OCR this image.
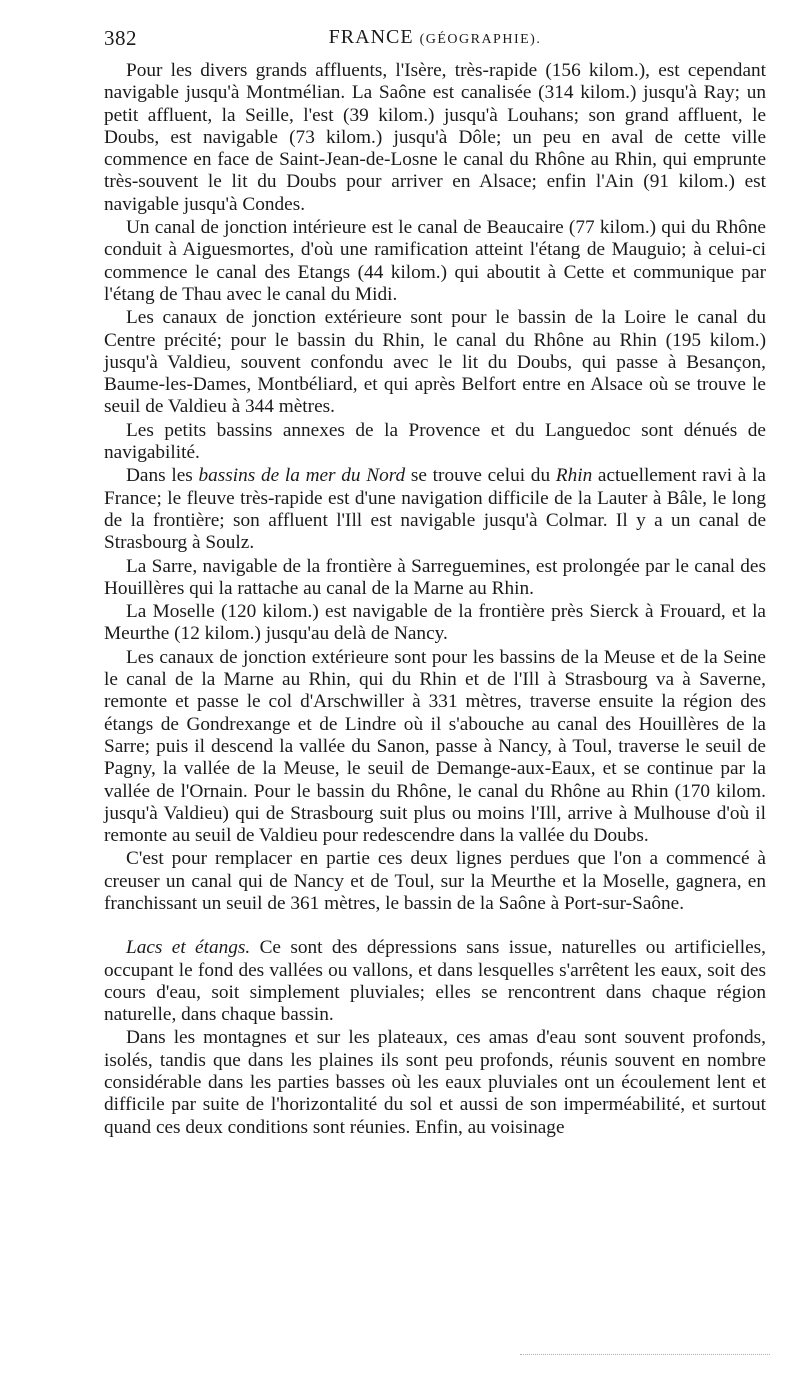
382	FRANCE (GÉOGRAPHIE).

Pour les divers grands affluents, l'Isère, très-rapide (156 kilom.), est cependant navigable jusqu'à Montmélian. La Saône est canalisée (314 kilom.) jusqu'à Ray; un petit affluent, la Seille, l'est (39 kilom.) jusqu'à Louhans; son grand affluent, le Doubs, est navigable (73 kilom.) jusqu'à Dôle; un peu en aval de cette ville commence en face de Saint-Jean-de-Losne le canal du Rhône au Rhin, qui emprunte très-souvent le lit du Doubs pour arriver en Alsace; enfin l'Ain (91 kilom.) est navigable jusqu'à Condes.

Un canal de jonction intérieure est le canal de Beaucaire (77 kilom.) qui du Rhône conduit à Aiguesmortes, d'où une ramification atteint l'étang de Mauguio; à celui-ci commence le canal des Etangs (44 kilom.) qui aboutit à Cette et communique par l'étang de Thau avec le canal du Midi.

Les canaux de jonction extérieure sont pour le bassin de la Loire le canal du Centre précité; pour le bassin du Rhin, le canal du Rhône au Rhin (195 kilom.) jusqu'à Valdieu, souvent confondu avec le lit du Doubs, qui passe à Besançon, Baume-les-Dames, Montbéliard, et qui après Belfort entre en Alsace où se trouve le seuil de Valdieu à 344 mètres.

Les petits bassins annexes de la Provence et du Languedoc sont dénués de navigabilité.

Dans les bassins de la mer du Nord se trouve celui du Rhin actuellement ravi à la France; le fleuve très-rapide est d'une navigation difficile de la Lauter à Bâle, le long de la frontière; son affluent l'Ill est navigable jusqu'à Colmar. Il y a un canal de Strasbourg à Soulz.

La Sarre, navigable de la frontière à Sarreguemines, est prolongée par le canal des Houillères qui la rattache au canal de la Marne au Rhin.

La Moselle (120 kilom.) est navigable de la frontière près Sierck à Frouard, et la Meurthe (12 kilom.) jusqu'au delà de Nancy.

Les canaux de jonction extérieure sont pour les bassins de la Meuse et de la Seine le canal de la Marne au Rhin, qui du Rhin et de l'Ill à Strasbourg va à Saverne, remonte et passe le col d'Arschwiller à 331 mètres, traverse ensuite la région des étangs de Gondrexange et de Lindre où il s'abouche au canal des Houillères de la Sarre; puis il descend la vallée du Sanon, passe à Nancy, à Toul, traverse le seuil de Pagny, la vallée de la Meuse, le seuil de Demange-aux-Eaux, et se continue par la vallée de l'Ornain. Pour le bassin du Rhône, le canal du Rhône au Rhin (170 kilom. jusqu'à Valdieu) qui de Strasbourg suit plus ou moins l'Ill, arrive à Mulhouse d'où il remonte au seuil de Valdieu pour redescendre dans la vallée du Doubs.

C'est pour remplacer en partie ces deux lignes perdues que l'on a commencé à creuser un canal qui de Nancy et de Toul, sur la Meurthe et la Moselle, gagnera, en franchissant un seuil de 361 mètres, le bassin de la Saône à Port-sur-Saône.

Lacs et étangs. Ce sont des dépressions sans issue, naturelles ou artificielles, occupant le fond des vallées ou vallons, et dans lesquelles s'arrêtent les eaux, soit des cours d'eau, soit simplement pluviales; elles se rencontrent dans chaque région naturelle, dans chaque bassin.

Dans les montagnes et sur les plateaux, ces amas d'eau sont souvent profonds, isolés, tandis que dans les plaines ils sont peu profonds, réunis souvent en nombre considérable dans les parties basses où les eaux pluviales ont un écoulement lent et difficile par suite de l'horizontalité du sol et aussi de son imperméabilité, et surtout quand ces deux conditions sont réunies. Enfin, au voisinage
